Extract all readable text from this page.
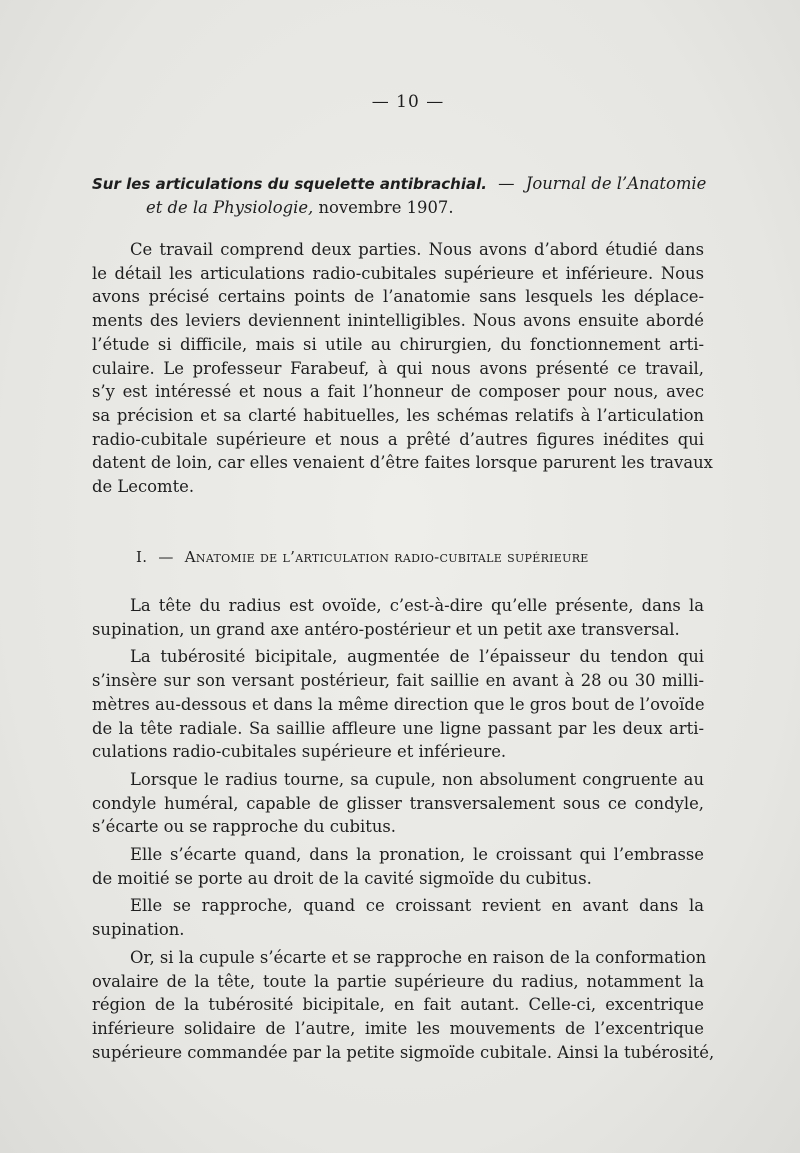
— 10 —
Sur les articulations du squelette antibrachial. — Journal de l’Anatomie
et de la Physiologie, novembre 1907.

Ce travail comprend deux parties. Nous avons d’abord étudié dans
le détail les articulations radio-cubitales supérieure et inférieure. Nous
avons précisé certains points de l’anatomie sans lesquels les déplace-
ments des leviers deviennent inintelligibles. Nous avons ensuite abordé
l’étude si difficile, mais si utile au chirurgien, du fonctionnement arti-
culaire. Le professeur Farabeuf, à qui nous avons présenté ce travail,
s’y est intéressé et nous a fait l’honneur de composer pour nous, avec
sa précision et sa clarté habituelles, les schémas relatifs à l’articulation
radio-cubitale supérieure et nous a prêté d’autres figures inédites qui
datent de loin, car elles venaient d’être faites lorsque parurent les travaux
de Lecomte.

I. — Anatomie de l’articulation radio-cubitale supérieure

La tête du radius est ovoïde, c’est-à-dire qu’elle présente, dans la
supination, un grand axe antéro-postérieur et un petit axe transversal.

La tubérosité bicipitale, augmentée de l’épaisseur du tendon qui
s’insère sur son versant postérieur, fait saillie en avant à 28 ou 30 milli-
mètres au-dessous et dans la même direction que le gros bout de l’ovoïde
de la tête radiale. Sa saillie affleure une ligne passant par les deux arti-
culations radio-cubitales supérieure et inférieure.

Lorsque le radius tourne, sa cupule, non absolument congruente au
condyle huméral, capable de glisser transversalement sous ce condyle,
s’écarte ou se rapproche du cubitus.

Elle s’écarte quand, dans la pronation, le croissant qui l’embrasse
de moitié se porte au droit de la cavité sigmoïde du cubitus.

Elle se rapproche, quand ce croissant revient en avant dans la
supination.

Or, si la cupule s’écarte et se rapproche en raison de la conformation
ovalaire de la tête, toute la partie supérieure du radius, notamment la
région de la tubérosité bicipitale, en fait autant. Celle-ci, excentrique
inférieure solidaire de l’autre, imite les mouvements de l’excentrique
supérieure commandée par la petite sigmoïde cubitale. Ainsi la tubérosité,
